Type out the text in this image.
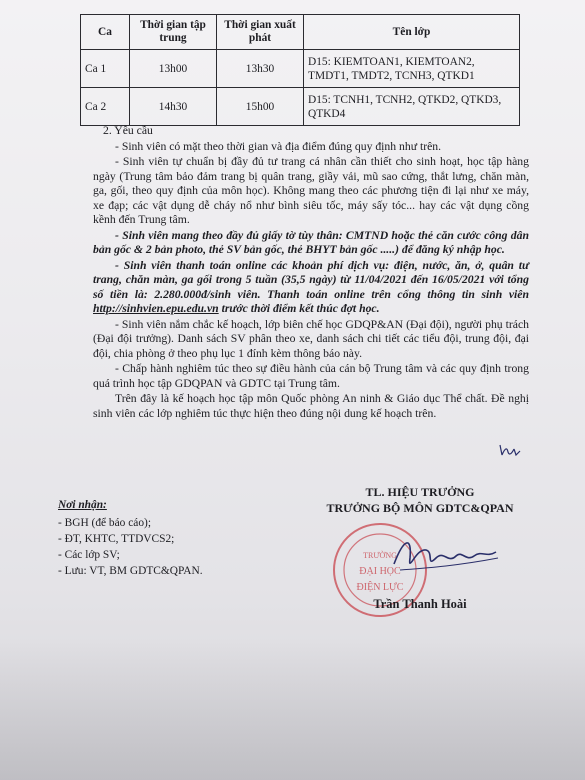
Ca	Thời gian tập trung	Thời gian xuất phát	Tên lớp
Ca 1	13h00	13h30	D15: KIEMTOAN1, KIEMTOAN2, TMDT1, TMDT2, TCNH3, QTKD1
Ca 2	14h30	15h00	D15: TCNH1, TCNH2, QTKD2, QTKD3, QTKD4

2. Yêu cầu

- Sinh viên có mặt theo thời gian và địa điểm đúng quy định như trên.

- Sinh viên tự chuẩn bị đầy đủ tư trang cá nhân cần thiết cho sinh hoạt, học tập hàng ngày (Trung tâm bảo đảm trang bị quân trang, giầy vải, mũ sao cứng, thắt lưng, chăn màn, ga, gối, theo quy định của môn học). Không mang theo các phương tiện đi lại như xe máy, xe đạp; các vật dụng dễ cháy nổ như bình siêu tốc, máy sấy tóc... hay các vật dụng cồng kềnh đến Trung tâm.

- Sinh viên mang theo đầy đủ giấy tờ tùy thân: CMTND hoặc thẻ căn cước công dân bản gốc & 2 bản photo, thẻ SV bản gốc, thẻ BHYT bản gốc .....) để đăng ký nhập học.

- Sinh viên thanh toán online các khoản phí dịch vụ: điện, nước, ăn, ở, quân tư trang, chăn màn, ga gối trong 5 tuần (35,5 ngày) từ 11/04/2021 đến 16/05/2021 với tổng số tiền là: 2.280.000đ/sinh viên. Thanh toán online trên cổng thông tin sinh viên http://sinhvien.epu.edu.vn trước thời điểm kết thúc đợt học.

- Sinh viên nắm chắc kế hoạch, lớp biên chế học GDQP&AN (Đại đội), người phụ trách (Đại đội trưởng). Danh sách SV phân theo xe, danh sách chi tiết các tiểu đội, trung đội, đại đội, chia phòng ở theo phụ lục 1 đính kèm thông báo này.

- Chấp hành nghiêm túc theo sự điều hành của cán bộ Trung tâm và các quy định trong quá trình học tập GDQPAN và GDTC tại Trung tâm.

Trên đây là kế hoạch học tập môn Quốc phòng An ninh & Giáo dục Thể chất. Đề nghị sinh viên các lớp nghiêm túc thực hiện theo đúng nội dung kế hoạch trên.

Nơi nhận:
- BGH (để báo cáo);
- ĐT, KHTC, TTDVCS2;
- Các lớp SV;
- Lưu: VT, BM GDTC&QPAN.
TRƯỜNG
ĐẠI HỌC
ĐIỆN LỰC
TL. HIỆU TRƯỞNG
TRƯỞNG BỘ MÔN GDTC&QPAN
Trần Thanh Hoài
